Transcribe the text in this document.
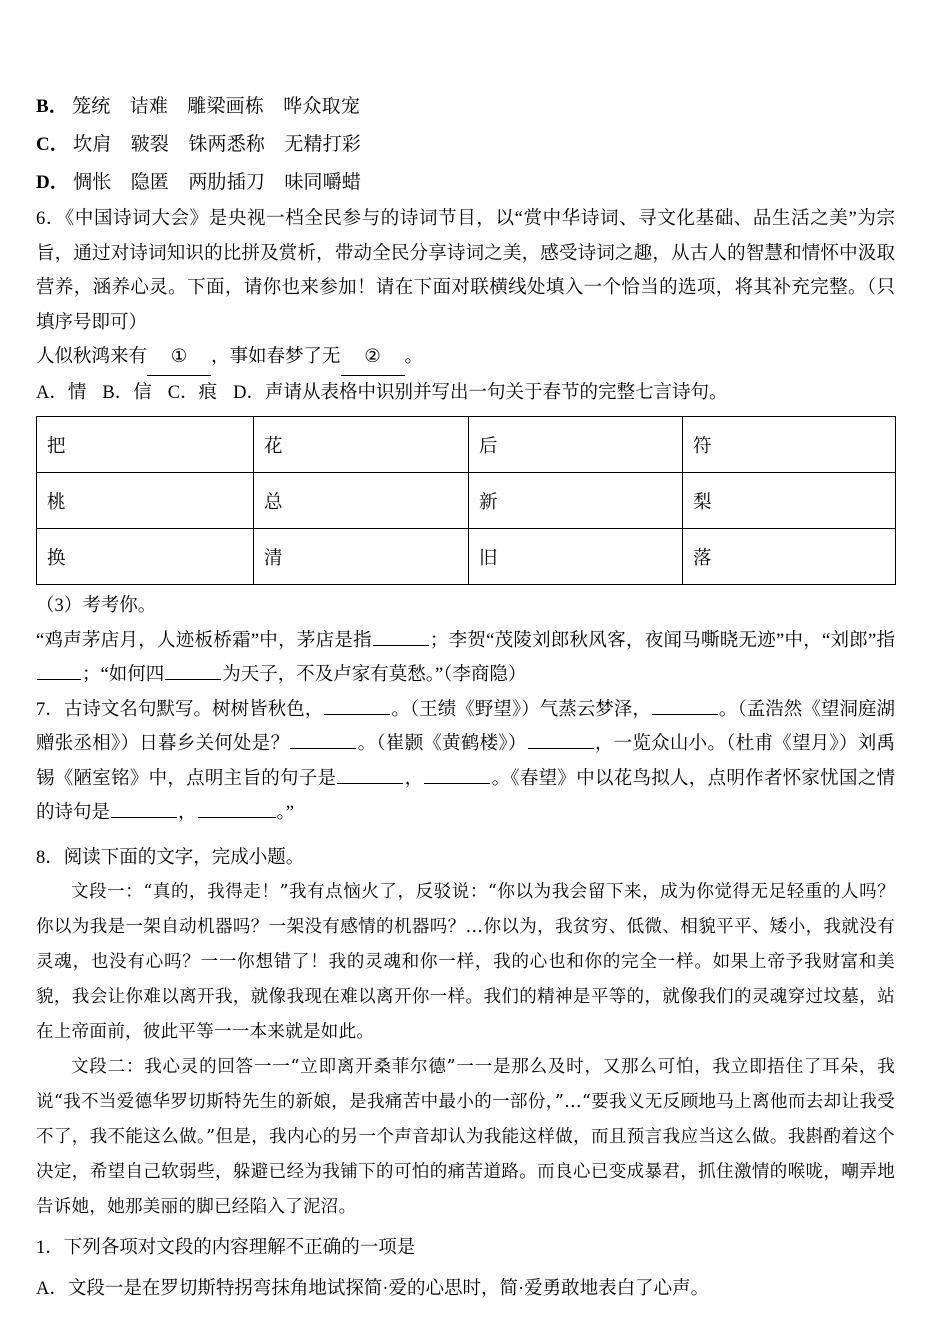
B． 笼统　诘难　雕梁画栋　哗众取宠

C． 坎肩　皲裂　铢两悉称　无精打彩

D． 惆怅　隐匿　两肋插刀　味同嚼蜡

6．《中国诗词大会》是央视一档全民参与的诗词节目，以“赏中华诗词、寻文化基础、品生活之美”为宗旨，通过对诗词知识的比拼及赏析，带动全民分享诗词之美，感受诗词之趣，从古人的智慧和情怀中汲取营养，涵养心灵。下面，请你也来参加！请在下面对联横线处填入一个恰当的选项，将其补充完整。（只填序号即可）

人似秋鸿来有 ① ，事如春梦了无 ② 。

A．情 B．信 C．痕 D．声请从表格中识别并写出一句关于春节的完整七言诗句。

把	花	后	符
桃	总	新	梨
换	清	旧	落

（3）考考你。

“鸡声茅店月，人迹板桥霜”中，茅店是指	；李贺“茂陵刘郎秋风客，夜闻马嘶晓无迹”中，“刘郎”指；“如何四	为天子，不及卢家有莫愁。”（李商隐）

7．古诗文名句默写。树树皆秋色，	。（王绩《野望》）气蒸云梦泽，	。（孟浩然《望洞庭湖赠张丞相》）日暮乡关何处是？	。（崔颢《黄鹤楼》）	，一览众山小。（杜甫《望月》）刘禹锡《陋室铭》中，点明主旨的句子是	，	。《春望》中以花鸟拟人，点明作者怀家忧国之情的诗句是	，	。”

8．阅读下面的文字，完成小题。

文段一：“真的，我得走！”我有点恼火了，反驳说：“你以为我会留下来，成为你觉得无足轻重的人吗？你以为我是一架自动机器吗？一架没有感情的机器吗？…你以为，我贫穷、低微、相貌平平、矮小，我就没有灵魂，也没有心吗？一一你想错了！我的灵魂和你一样，我的心也和你的完全一样。如果上帝予我财富和美貌，我会让你难以离开我，就像我现在难以离开你一样。我们的精神是平等的，就像我们的灵魂穿过坟墓，站在上帝面前，彼此平等一一本来就是如此。

文段二：我心灵的回答一一“立即离开桑菲尔德”一一是那么及时，又那么可怕，我立即捂住了耳朵，我说“我不当爱德华罗切斯特先生的新娘，是我痛苦中最小的一部份，”…“要我义无反顾地马上离他而去却让我受不了，我不能这么做。”但是，我内心的另一个声音却认为我能这样做，而且预言我应当这么做。我斟酌着这个决定，希望自己软弱些，躲避已经为我铺下的可怕的痛苦道路。而良心已变成暴君，抓住激情的喉咙，嘲弄地告诉她，她那美丽的脚已经陷入了泥沼。

1．下列各项对文段的内容理解不正确的一项是

A．文段一是在罗切斯特拐弯抹角地试探简·爱的心思时，简·爱勇敢地表白了心声。
